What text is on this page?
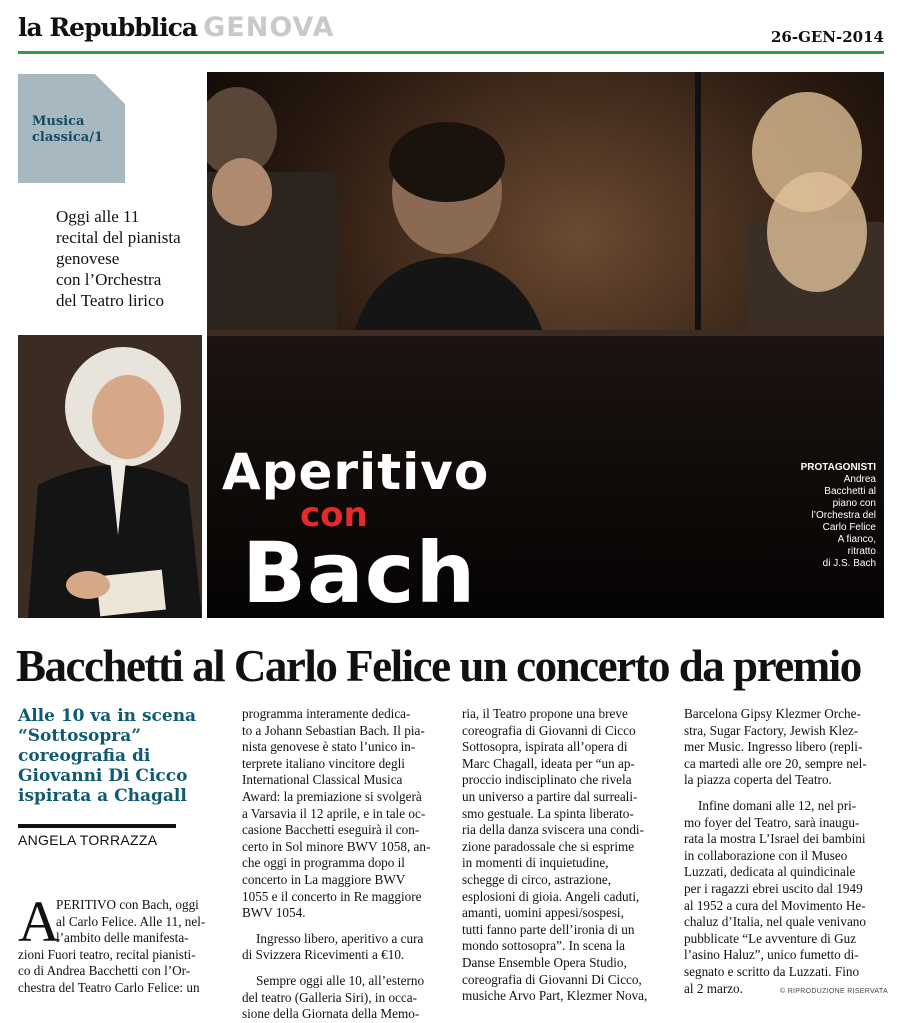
la Repubblica GENOVA	26-GEN-2014
Musica
classica/1
Oggi alle 11
recital del pianista
genovese
con l’Orchestra
del Teatro lirico
Aperitivo
con
Bach
PROTAGONISTI
Andrea
Bacchetti al
piano con
l’Orchestra del
Carlo Felice
A fianco,
ritratto
di J.S. Bach
Bacchetti al Carlo Felice un concerto da premio
Alle 10 va in scena
“Sottosopra”
coreografia di
Giovanni Di Cicco
ispirata a Chagall
ANGELA TORRAZZA
A
PERITIVO con Bach, oggi
al Carlo Felice. Alle 11, nel-
l’ambito delle manifesta-
zioni Fuori teatro, recital pianisti-
co di Andrea Bacchetti con l’Or-
chestra del Teatro Carlo Felice: un
programma interamente dedica-
to a Johann Sebastian Bach. Il pia-
nista genovese è stato l’unico in-
terprete italiano vincitore degli
International Classical Musica
Award: la premiazione si svolgerà
a Varsavia il 12 aprile, e in tale oc-
casione Bacchetti eseguirà il con-
certo in Sol minore BWV 1058, an-
che oggi in programma dopo il
concerto in La maggiore BWV
1055 e il concerto in Re maggiore
BWV 1054.
Ingresso libero, aperitivo a cura
di Svizzera Ricevimenti a €10.
Sempre oggi alle 10, all’esterno
del teatro (Galleria Siri), in occa-
sione della Giornata della Memo-
ria, il Teatro propone una breve
coreografia di Giovanni di Cicco
Sottosopra, ispirata all’opera di
Marc Chagall, ideata per “un ap-
proccio indisciplinato che rivela
un universo a partire dal surreali-
smo gestuale. La spinta liberato-
ria della danza sviscera una condi-
zione paradossale che si esprime
in momenti di inquietudine,
schegge di circo, astrazione,
esplosioni di gioia. Angeli caduti,
amanti, uomini appesi/sospesi,
tutti fanno parte dell’ironia di un
mondo sottosopra”. In scena la
Danse Ensemble Opera Studio,
coreografia di Giovanni Di Cicco,
musiche Arvo Part, Klezmer Nova,
Barcelona Gipsy Klezmer Orche-
stra, Sugar Factory, Jewish Klez-
mer Music. Ingresso libero (repli-
ca martedì alle ore 20, sempre nel-
la piazza coperta del Teatro.
Infine domani alle 12, nel pri-
mo foyer del Teatro, sarà inaugu-
rata la mostra L’Israel dei bambini
in collaborazione con il Museo
Luzzati, dedicata al quindicinale
per i ragazzi ebrei uscito dal 1949
al 1952 a cura del Movimento He-
chaluz d’Italia, nel quale venivano
pubblicate “Le avventure di Guz
l’asino Haluz”, unico fumetto di-
segnato e scritto da Luzzati. Fino
al 2 marzo.	© RIPRODUZIONE RISERVATA
